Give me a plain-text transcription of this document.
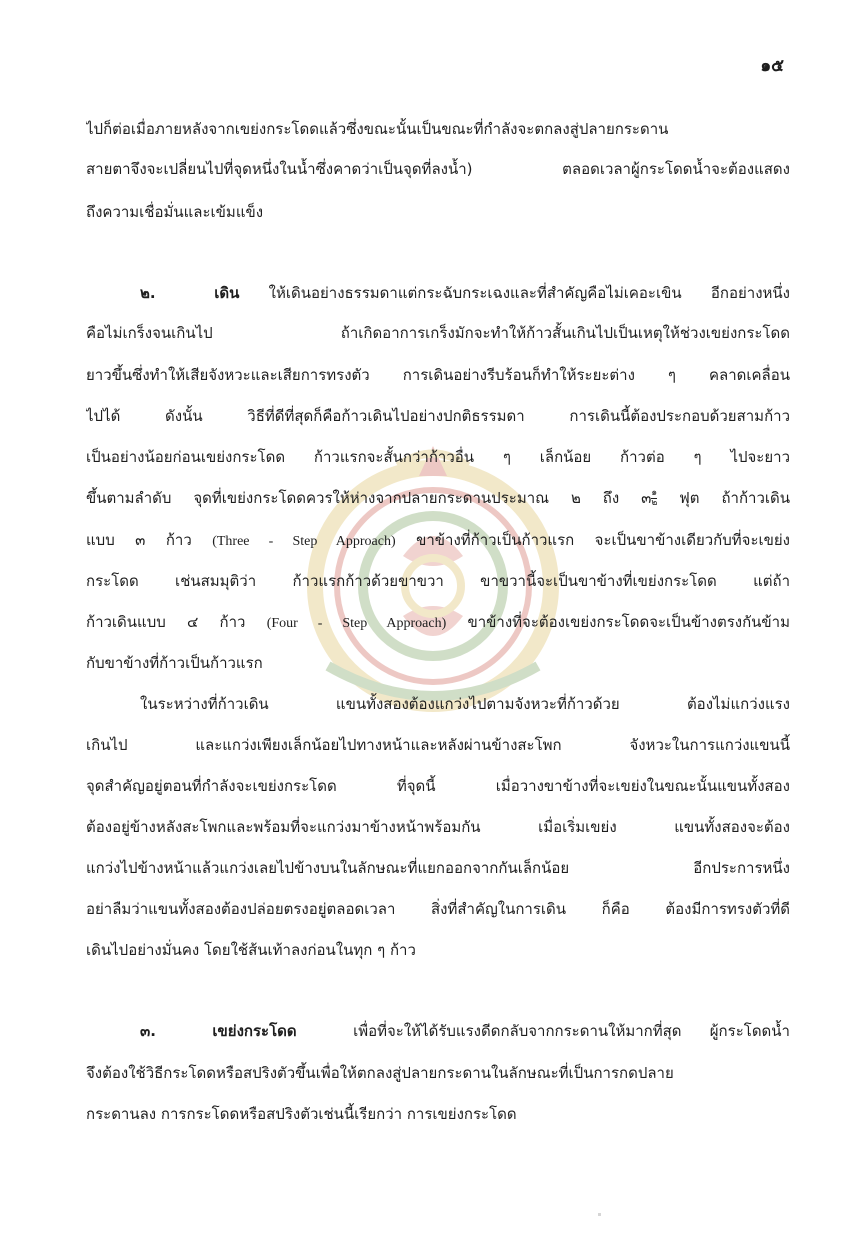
๑๕
ไปก็ต่อเมื่อภายหลังจากเขย่งกระโดดแล้วซึ่งขณะนั้นเป็นขณะที่กำลังจะตกลงสู่ปลายกระดาน
สายตาจึงจะเปลี่ยนไปที่จุดหนึ่งในน้ำซึ่งคาดว่าเป็นจุดที่ลงน้ำ) ตลอดเวลาผู้กระโดดน้ำจะต้องแสดง
ถึงความเชื่อมั่นและเข้มแข็ง
๒.	เดิน ให้เดินอย่างธรรมดาแต่กระฉับกระเฉงและที่สำคัญคือไม่เคอะเขิน อีกอย่างหนึ่ง
คือไม่เกร็งจนเกินไป ถ้าเกิดอาการเกร็งมักจะทำให้ก้าวสั้นเกินไปเป็นเหตุให้ช่วงเขย่งกระโดด
ยาวขึ้นซึ่งทำให้เสียจังหวะและเสียการทรงตัว การเดินอย่างรีบร้อนก็ทำให้ระยะต่าง ๆ คลาดเคลื่อน
ไปได้ ดังนั้น วิธีที่ดีที่สุดก็คือก้าวเดินไปอย่างปกติธรรมดา การเดินนี้ต้องประกอบด้วยสามก้าว
เป็นอย่างน้อยก่อนเขย่งกระโดด ก้าวแรกจะสั้นกว่าก้าวอื่น ๆ เล็กน้อย ก้าวต่อ ๆ ไปจะยาว
ขึ้นตามลำดับ จุดที่เขย่งกระโดดควรให้ห่างจากปลายกระดานประมาณ ๒ ถึง ๓ $\frac{๑}{๒}$ ฟุต ถ้าก้าวเดิน
แบบ ๓ ก้าว (Three - Step Approach) ขาข้างที่ก้าวเป็นก้าวแรก จะเป็นขาข้างเดียวกับที่จะเขย่ง
กระโดด เช่นสมมุติว่า ก้าวแรกก้าวด้วยขาขวา ขาขวานี้จะเป็นขาข้างที่เขย่งกระโดด แต่ถ้า
ก้าวเดินแบบ ๔ ก้าว (Four - Step Approach) ขาข้างที่จะต้องเขย่งกระโดดจะเป็นข้างตรงกันข้าม
กับขาข้างที่ก้าวเป็นก้าวแรก
ในระหว่างที่ก้าวเดิน แขนทั้งสองต้องแกว่งไปตามจังหวะที่ก้าวด้วย ต้องไม่แกว่งแรง
เกินไป และแกว่งเพียงเล็กน้อยไปทางหน้าและหลังผ่านข้างสะโพก จังหวะในการแกว่งแขนนี้
จุดสำคัญอยู่ตอนที่กำลังจะเขย่งกระโดด ที่จุดนี้ เมื่อวางขาข้างที่จะเขย่งในขณะนั้นแขนทั้งสอง
ต้องอยู่ข้างหลังสะโพกและพร้อมที่จะแกว่งมาข้างหน้าพร้อมกัน เมื่อเริ่มเขย่ง แขนทั้งสองจะต้อง
แกว่งไปข้างหน้าแล้วแกว่งเลยไปข้างบนในลักษณะที่แยกออกจากกันเล็กน้อย อีกประการหนึ่ง
อย่าลืมว่าแขนทั้งสองต้องปล่อยตรงอยู่ตลอดเวลา สิ่งที่สำคัญในการเดิน ก็คือ ต้องมีการทรงตัวที่ดี
เดินไปอย่างมั่นคง โดยใช้ส้นเท้าลงก่อนในทุก ๆ ก้าว
๓.	เขย่งกระโดด	เพื่อที่จะให้ได้รับแรงดีดกลับจากกระดานให้มากที่สุด ผู้กระโดดน้ำ
จึงต้องใช้วิธีกระโดดหรือสปริงตัวขึ้นเพื่อให้ตกลงสู่ปลายกระดานในลักษณะที่เป็นการกดปลาย
กระดานลง การกระโดดหรือสปริงตัวเช่นนี้เรียกว่า การเขย่งกระโดด
